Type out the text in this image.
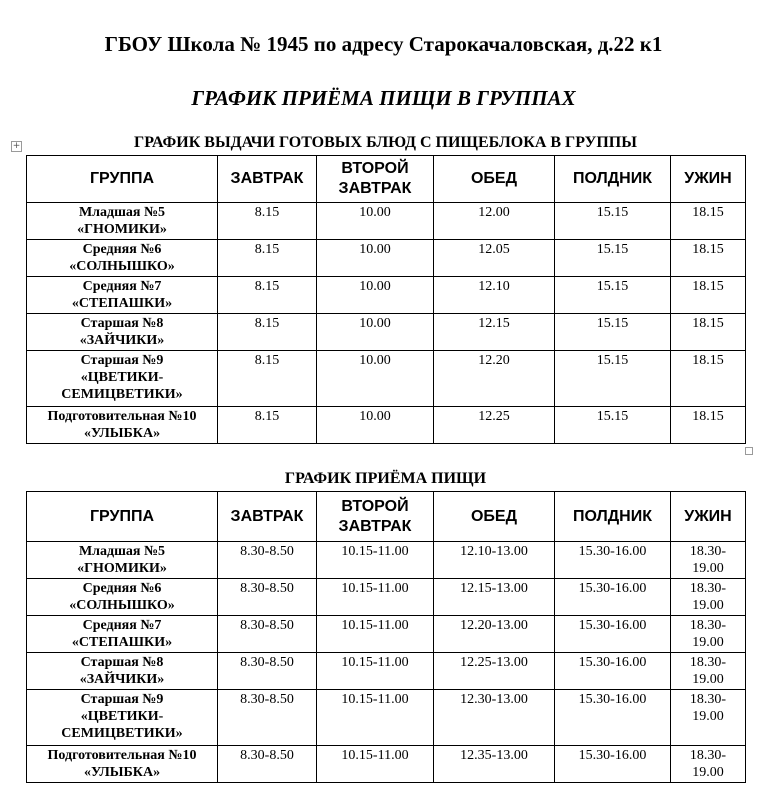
ГБОУ Школа № 1945 по адресу Старокачаловская, д.22 к1
ГРАФИК ПРИЁМА ПИЩИ В ГРУППАХ
+	ГРАФИК ВЫДАЧИ ГОТОВЫХ БЛЮД С ПИЩЕБЛОКА В ГРУППЫ
ГРУППА	ЗАВТРАК	ВТОРОЙ ЗАВТРАК	ОБЕД	ПОЛДНИК	УЖИН

Младшая №5
«ГНОМИКИ»	8.15	10.00	12.00	15.15	18.15

Средняя №6
«СОЛНЫШКО»	8.15	10.00	12.05	15.15	18.15

Средняя №7
«СТЕПАШКИ»	8.15	10.00	12.10	15.15	18.15

Старшая №8
«ЗАЙЧИКИ»	8.15	10.00	12.15	15.15	18.15

Старшая №9
«ЦВЕТИКИ-
СЕМИЦВЕТИКИ»	8.15	10.00	12.20	15.15	18.15

Подготовительная №10
«УЛЫБКА»	8.15	10.00	12.25	15.15	18.15
ГРАФИК ПРИЁМА ПИЩИ
ГРУППА	ЗАВТРАК	ВТОРОЙ ЗАВТРАК	ОБЕД	ПОЛДНИК	УЖИН

Младшая №5
«ГНОМИКИ»	8.30-8.50	10.15-11.00	12.10-13.00	15.30-16.00	18.30-
19.00

Средняя №6
«СОЛНЫШКО»	8.30-8.50	10.15-11.00	12.15-13.00	15.30-16.00	18.30-
19.00

Средняя №7
«СТЕПАШКИ»	8.30-8.50	10.15-11.00	12.20-13.00	15.30-16.00	18.30-
19.00

Старшая №8
«ЗАЙЧИКИ»	8.30-8.50	10.15-11.00	12.25-13.00	15.30-16.00	18.30-
19.00

Старшая №9
«ЦВЕТИКИ-
СЕМИЦВЕТИКИ»	8.30-8.50	10.15-11.00	12.30-13.00	15.30-16.00	18.30-
19.00

Подготовительная №10
«УЛЫБКА»	8.30-8.50	10.15-11.00	12.35-13.00	15.30-16.00	18.30-
19.00
